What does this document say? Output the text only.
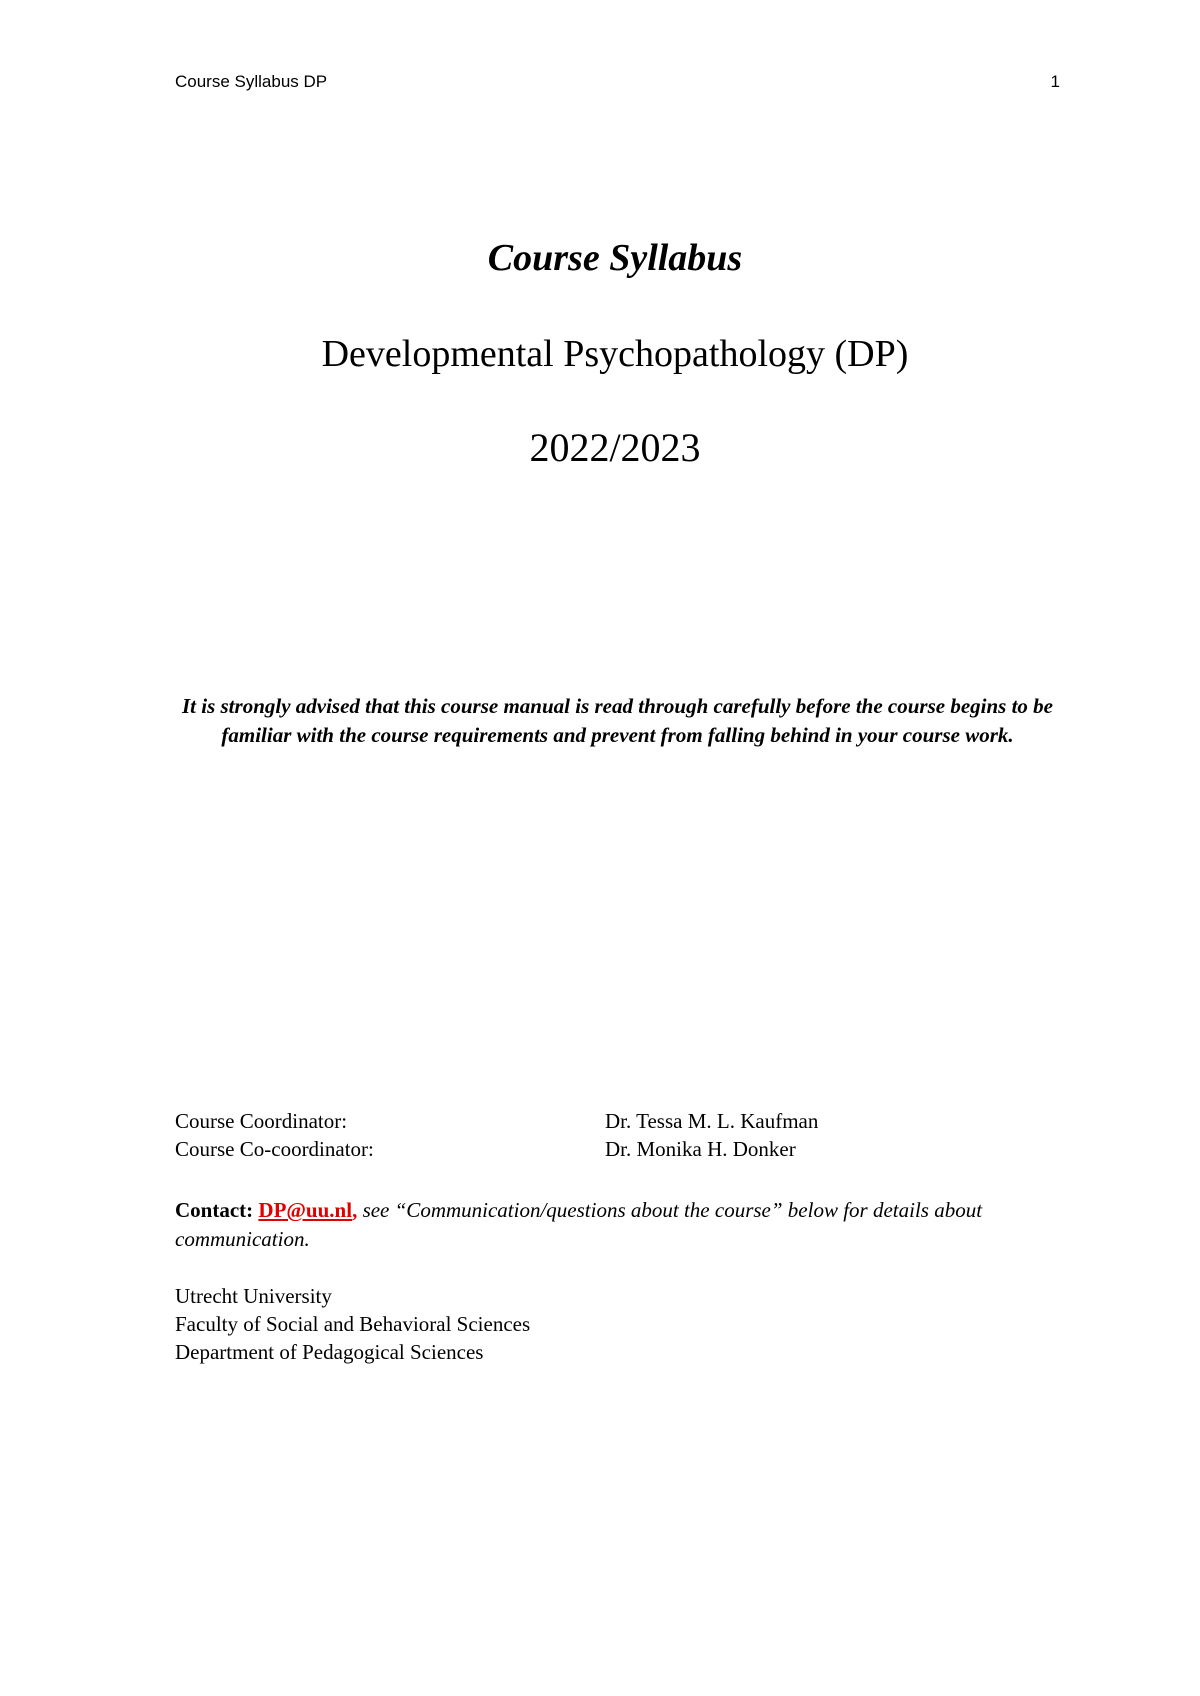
Course Syllabus DP	1
Course Syllabus
Developmental Psychopathology (DP)
2022/2023
It is strongly advised that this course manual is read through carefully before the course begins to be familiar with the course requirements and prevent from falling behind in your course work.
Course Coordinator:	Dr. Tessa M. L. Kaufman
Course Co-coordinator:	Dr. Monika H. Donker
Contact: DP@uu.nl, see “Communication/questions about the course” below for details about communication.
Utrecht University
Faculty of Social and Behavioral Sciences
Department of Pedagogical Sciences
